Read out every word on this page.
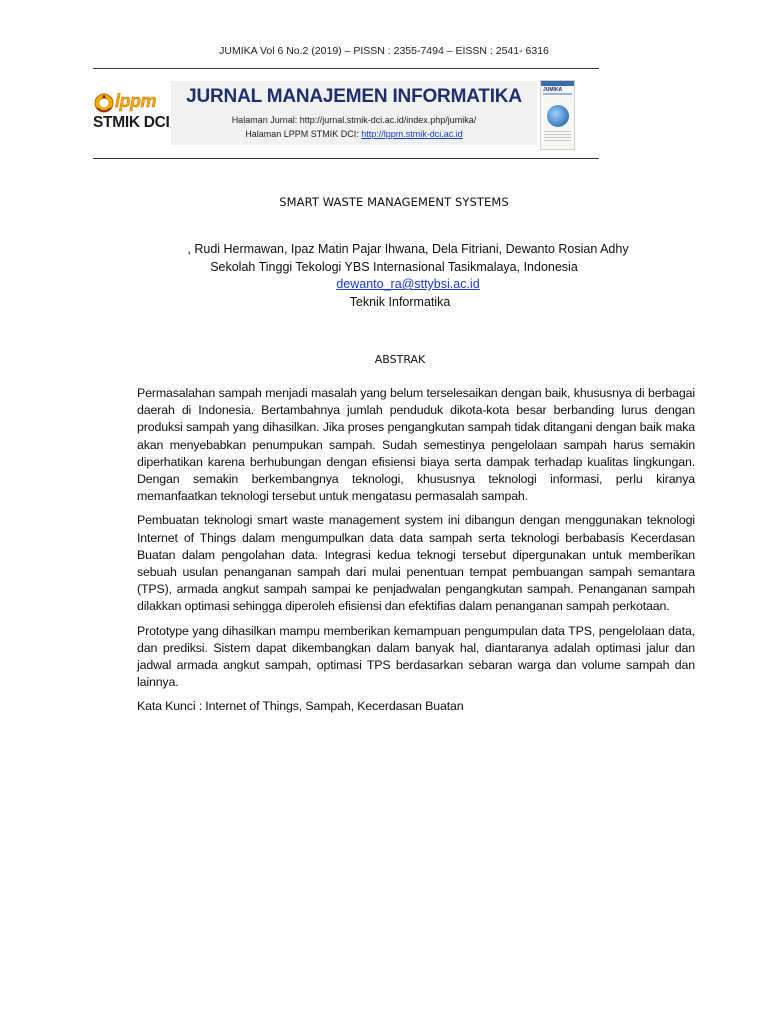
JUMIKA Vol 6 No.2 (2019) – PISSN : 2355-7494 – EISSN : 2541- 6316
lppm
STMIK DCI
JURNAL MANAJEMEN INFORMATIKA
Halaman Jurnal: http://jurnal.stmik-dci.ac.id/index.php/jumika/
Halaman LPPM STMIK DCI: http://lppm.stmik-dci.ac.id
JUMIKA
SMART WASTE MANAGEMENT SYSTEMS
, Rudi Hermawan, Ipaz Matin Pajar Ihwana, Dela Fitriani, Dewanto Rosian Adhy
Sekolah Tinggi Tekologi YBS Internasional Tasikmalaya, Indonesia
dewanto_ra@sttybsi.ac.id
Teknik Informatika
ABSTRAK

Permasalahan sampah menjadi masalah yang belum terselesaikan dengan baik, khususnya di berbagai daerah di Indonesia. Bertambahnya jumlah penduduk dikota-kota besar berbanding lurus dengan produksi sampah yang dihasilkan. Jika proses pengangkutan sampah tidak ditangani dengan baik maka akan menyebabkan penumpukan sampah. Sudah semestinya pengelolaan sampah harus semakin diperhatikan karena berhubungan dengan efisiensi biaya serta dampak terhadap kualitas lingkungan. Dengan semakin berkembangnya teknologi, khususnya teknologi informasi, perlu kiranya memanfaatkan teknologi tersebut untuk mengatasu permasalah sampah.

Pembuatan teknologi smart waste management system ini dibangun dengan menggunakan teknologi Internet of Things dalam mengumpulkan data data sampah serta teknologi berbabasis Kecerdasan Buatan dalam pengolahan data. Integrasi kedua teknogi tersebut dipergunakan untuk memberikan sebuah usulan penanganan sampah dari mulai penentuan tempat pembuangan sampah semantara (TPS), armada angkut sampah sampai ke penjadwalan pengangkutan sampah. Penanganan sampah dilakkan optimasi sehingga diperoleh efisiensi dan efektifias dalam penanganan sampah perkotaan.

Prototype yang dihasilkan mampu memberikan kemampuan pengumpulan data TPS, pengelolaan data, dan prediksi. Sistem dapat dikembangkan dalam banyak hal, diantaranya adalah optimasi jalur dan jadwal armada angkut sampah, optimasi TPS berdasarkan sebaran warga dan volume sampah dan lainnya.

Kata Kunci : Internet of Things, Sampah, Kecerdasan Buatan
